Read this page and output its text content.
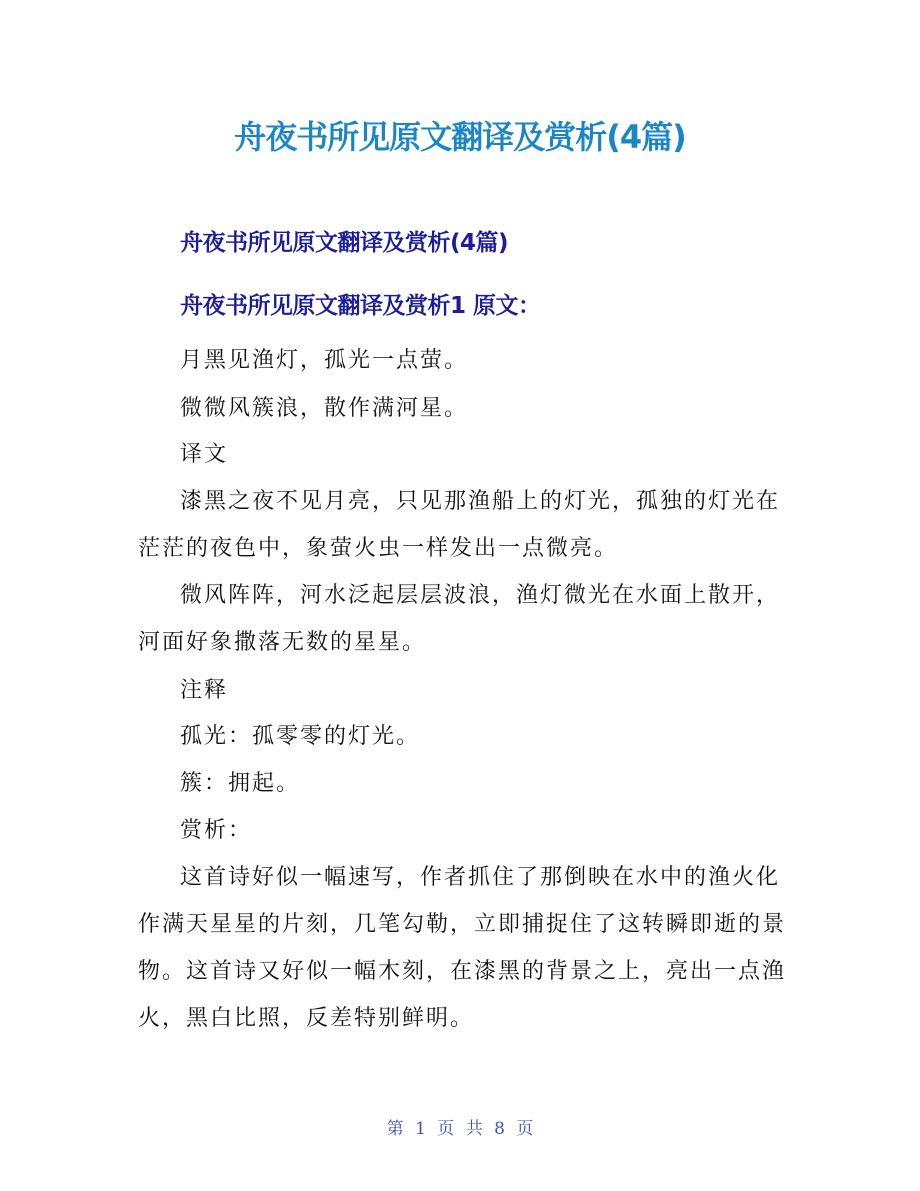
舟夜书所见原文翻译及赏析(4篇)
舟夜书所见原文翻译及赏析(4篇)
舟夜书所见原文翻译及赏析1 原文：
月黑见渔灯，孤光一点萤。
微微风簇浪，散作满河星。
译文
漆黑之夜不见月亮，只见那渔船上的灯光，孤独的灯光在
茫茫的夜色中，象萤火虫一样发出一点微亮。
微风阵阵，河水泛起层层波浪，渔灯微光在水面上散开，
河面好象撒落无数的星星。
注释
孤光：孤零零的灯光。
簇：拥起。
赏析：
这首诗好似一幅速写，作者抓住了那倒映在水中的渔火化
作满天星星的片刻，几笔勾勒，立即捕捉住了这转瞬即逝的景
物。这首诗又好似一幅木刻，在漆黑的背景之上，亮出一点渔
火，黑白比照，反差特别鲜明。
第 1 页 共 8 页
